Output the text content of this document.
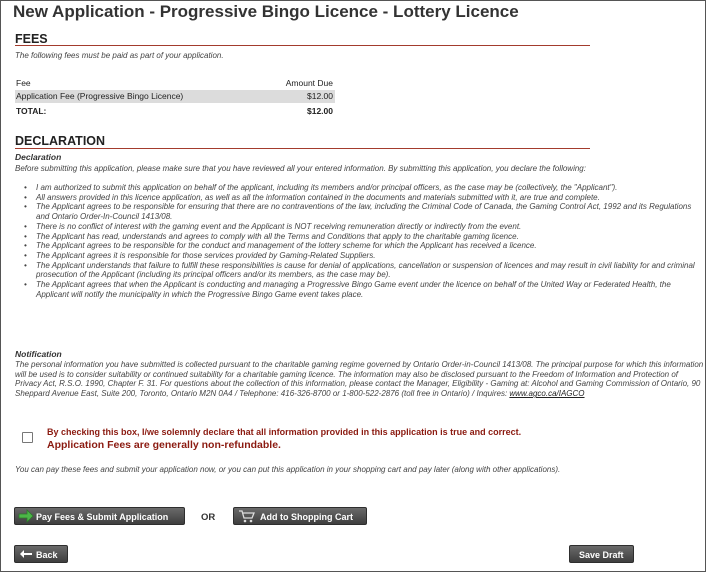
New Application - Progressive Bingo Licence - Lottery Licence
FEES
The following fees must be paid as part of your application.
Fee	Amount Due
Application Fee (Progressive Bingo Licence)	$12.00
TOTAL:	$12.00
DECLARATION
Declaration
Before submitting this application, please make sure that you have reviewed all your entered information. By submitting this application, you declare the following:
• I am authorized to submit this application on behalf of the applicant, including its members and/or principal officers, as the case may be (collectively, the "Applicant").
• All answers provided in this licence application, as well as all the information contained in the documents and materials submitted with it, are true and complete.
• The Applicant agrees to be responsible for ensuring that there are no contraventions of the law, including the Criminal Code of Canada, the Gaming Control Act, 1992 and its Regulations and Ontario Order-In-Council 1413/08.
• There is no conflict of interest with the gaming event and the Applicant is NOT receiving remuneration directly or indirectly from the event.
• The Applicant has read, understands and agrees to comply with all the Terms and Conditions that apply to the charitable gaming licence.
• The Applicant agrees to be responsible for the conduct and management of the lottery scheme for which the Applicant has received a licence.
• The Applicant agrees it is responsible for those services provided by Gaming-Related Suppliers.
• The Applicant understands that failure to fulfill these responsibilities is cause for denial of applications, cancellation or suspension of licences and may result in civil liability for and criminal prosecution of the Applicant (including its principal officers and/or its members, as the case may be).
• The Applicant agrees that when the Applicant is conducting and managing a Progressive Bingo Game event under the licence on behalf of the United Way or Federated Health, the Applicant will notify the municipality in which the Progressive Bingo Game event takes place.
Notification
The personal information you have submitted is collected pursuant to the charitable gaming regime governed by Ontario Order-in-Council 1413/08. The principal purpose for which this information will be used is to consider suitability or continued suitability for a charitable gaming licence. The information may also be disclosed pursuant to the Freedom of Information and Protection of Privacy Act, R.S.O. 1990, Chapter F. 31. For questions about the collection of this information, please contact the Manager, Eligibility - Gaming at: Alcohol and Gaming Commission of Ontario, 90 Sheppard Avenue East, Suite 200, Toronto, Ontario M2N 0A4 / Telephone: 416-326-8700 or 1-800-522-2876 (toll free in Ontario) / Inquires: www.agco.ca/IAGCO
By checking this box, I/we solemnly declare that all information provided in this application is true and correct.
Application Fees are generally non-refundable.
You can pay these fees and submit your application now, or you can put this application in your shopping cart and pay later (along with other applications).
Pay Fees & Submit Application	OR	Add to Shopping Cart
Back	Save Draft
